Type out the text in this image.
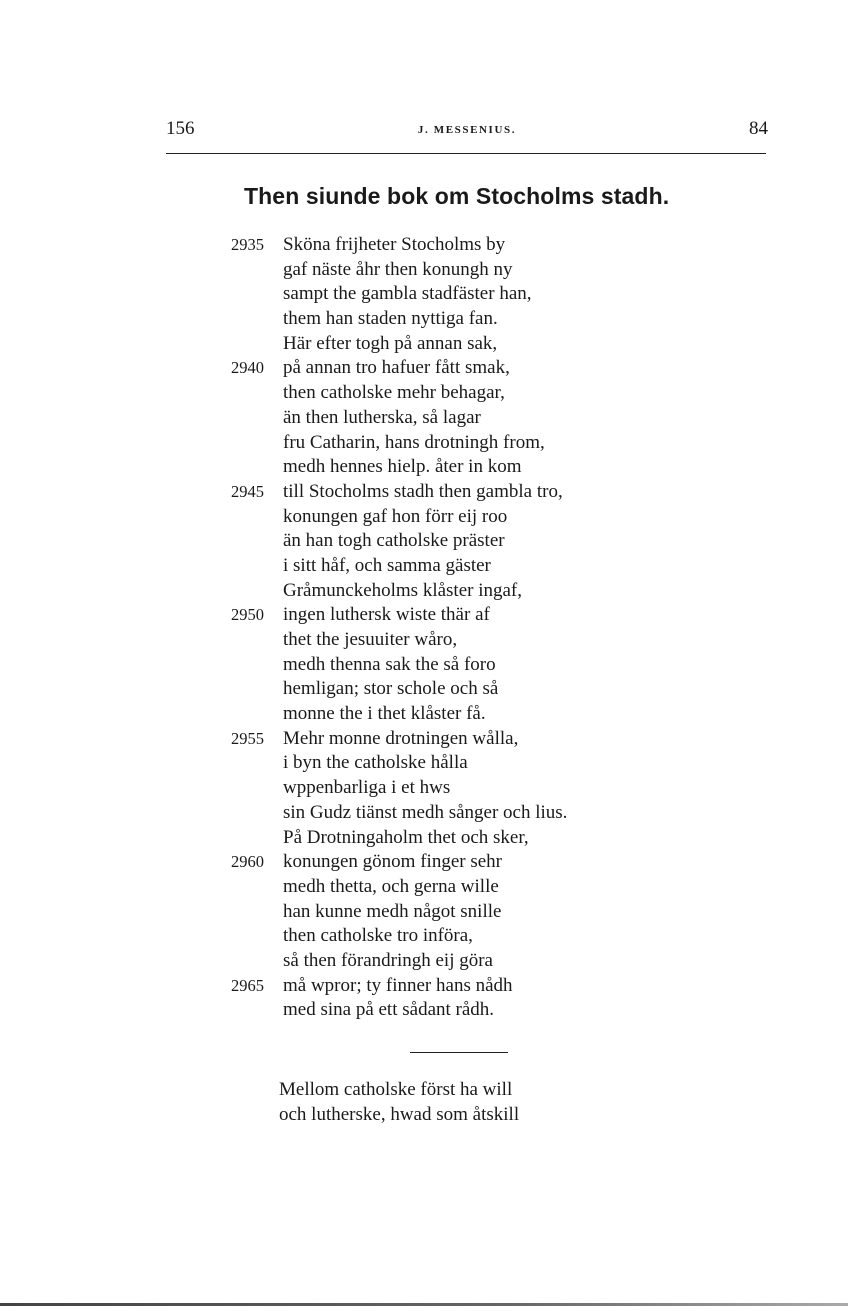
156	J. MESSENIUS.	84
Then siunde bok om Stocholms stadh.
2935 Sköna frijheter Stocholms by
gaf näste åhr then konungh ny
sampt the gambla stadfäster han,
them han staden nyttiga fan.
Här efter togh på annan sak,
2940 på annan tro hafuer fått smak,
then catholske mehr behagar,
än then lutherska, så lagar
fru Catharin, hans drotningh from,
medh hennes hielp. åter in kom
2945 till Stocholms stadh then gambla tro,
konungen gaf hon förr eij roo
än han togh catholske präster
i sitt håf, och samma gäster
Gråmunckeholms klåster ingaf,
2950 ingen luthersk wiste thär af
thet the jesuuiter wåro,
medh thenna sak the så foro
hemligan; stor schole och så
monne the i thet klåster få.
2955 Mehr monne drotningen wålla,
i byn the catholske hålla
wppenbarliga i et hws
sin Gudz tiänst medh sånger och lius.
På Drotningaholm thet och sker,
2960 konungen gönom finger sehr
medh thetta, och gerna wille
han kunne medh något snille
then catholske tro införa,
så then förandringh eij göra
2965 må wpror; ty finner hans nådh
med sina på ett sådant rådh.
Mellom catholske först ha will
och lutherske, hwad som åtskill
